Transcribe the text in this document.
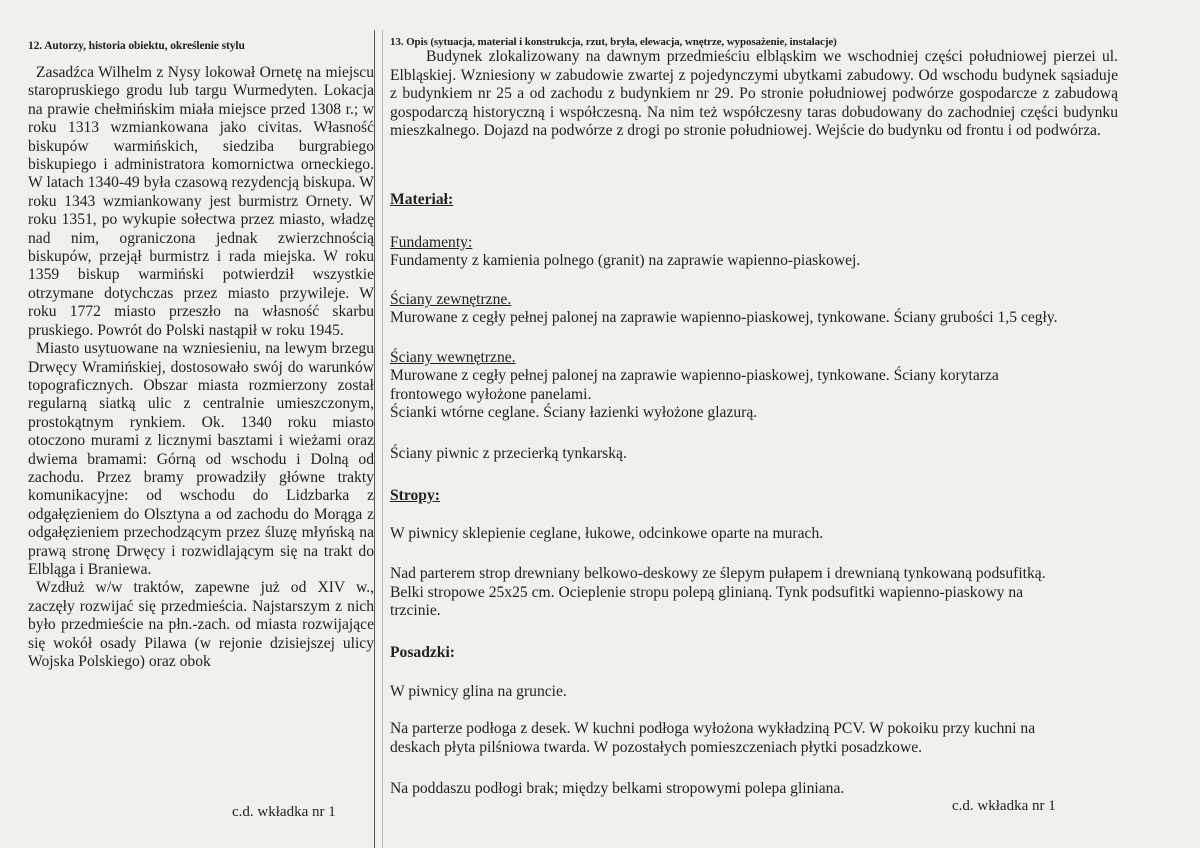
12. Autorzy, historia obiektu, określenie stylu

Zasadźca Wilhelm z Nysy lokował Ornetę na miejscu staropruskiego grodu lub targu Wurmedyten. Lokacja na prawie chełmińskim miała miejsce przed 1308 r.; w roku 1313 wzmiankowana jako civitas. Własność biskupów warmińskich, siedziba burgrabiego biskupiego i administratora komornictwa orneckiego. W latach 1340-49 była czasową rezydencją biskupa. W roku 1343 wzmiankowany jest burmistrz Ornety. W roku 1351, po wykupie sołectwa przez miasto, władzę nad nim, ograniczona jednak zwierzchnością biskupów, przejął burmistrz i rada miejska. W roku 1359 biskup warmiński potwierdził wszystkie otrzymane dotychczas przez miasto przywileje. W roku 1772 miasto przeszło na własność skarbu pruskiego. Powrót do Polski nastąpił w roku 1945.

Miasto usytuowane na wzniesieniu, na lewym brzegu Drwęcy Wramińskiej, dostosowało swój do warunków topograficznych. Obszar miasta rozmierzony został regularną siatką ulic z centralnie umieszczonym, prostokątnym rynkiem. Ok. 1340 roku miasto otoczono murami z licznymi basztami i wieżami oraz dwiema bramami: Górną od wschodu i Dolną od zachodu. Przez bramy prowadziły główne trakty komunikacyjne: od wschodu do Lidzbarka z odgałęzieniem do Olsztyna a od zachodu do Morąga z odgałęzieniem przechodzącym przez śluzę młyńską na prawą stronę Drwęcy i rozwidlającym się na trakt do Elbląga i Braniewa.

Wzdłuż w/w traktów, zapewne już od XIV w., zaczęły rozwijać się przedmieścia. Najstarszym z nich było przedmieście na płn.-zach. od miasta rozwijające się wokół osady Pilawa (w rejonie dzisiejszej ulicy Wojska Polskiego) oraz obok

c.d. wkładka nr 1
13. Opis (sytuacja, materiał i konstrukcja, rzut, bryła, elewacja, wnętrze, wyposażenie, instalacje)

Budynek zlokalizowany na dawnym przedmieściu elbląskim we wschodniej części południowej pierzei ul. Elbląskiej. Wzniesiony w zabudowie zwartej z pojedynczymi ubytkami zabudowy. Od wschodu budynek sąsiaduje z budynkiem nr 25 a od zachodu z budynkiem nr 29. Po stronie południowej podwórze gospodarcze z zabudową gospodarczą historyczną i współczesną. Na nim też współczesny taras dobudowany do zachodniej części budynku mieszkalnego. Dojazd na podwórze z drogi po stronie południowej. Wejście do budynku od frontu i od podwórza.

Materiał:
Fundamenty:
Fundamenty z kamienia polnego (granit) na zaprawie wapienno-piaskowej.
Ściany zewnętrzne.
Murowane z cegły pełnej palonej na zaprawie wapienno-piaskowej, tynkowane. Ściany grubości 1,5 cegły.
Ściany wewnętrzne.
Murowane z cegły pełnej palonej na zaprawie wapienno-piaskowej, tynkowane. Ściany korytarza
frontowego wyłożone panelami.
Ścianki wtórne ceglane. Ściany łazienki wyłożone glazurą.
Ściany piwnic z przecierką tynkarską.
Stropy:
W piwnicy sklepienie ceglane, łukowe, odcinkowe oparte na murach.
Nad parterem strop drewniany belkowo-deskowy ze ślepym pułapem i drewnianą tynkowaną podsufitką.
Belki stropowe 25x25 cm. Ocieplenie stropu polepą glinianą. Tynk podsufitki wapienno-piaskowy na
trzcinie.
Posadzki:
W piwnicy glina na gruncie.
Na parterze podłoga z desek. W kuchni podłoga wyłożona wykładziną PCV. W pokoiku przy kuchni na
deskach płyta pilśniowa twarda. W pozostałych pomieszczeniach płytki posadzkowe.
Na poddaszu podłogi brak; między belkami stropowymi polepa gliniana.
c.d. wkładka nr 1
